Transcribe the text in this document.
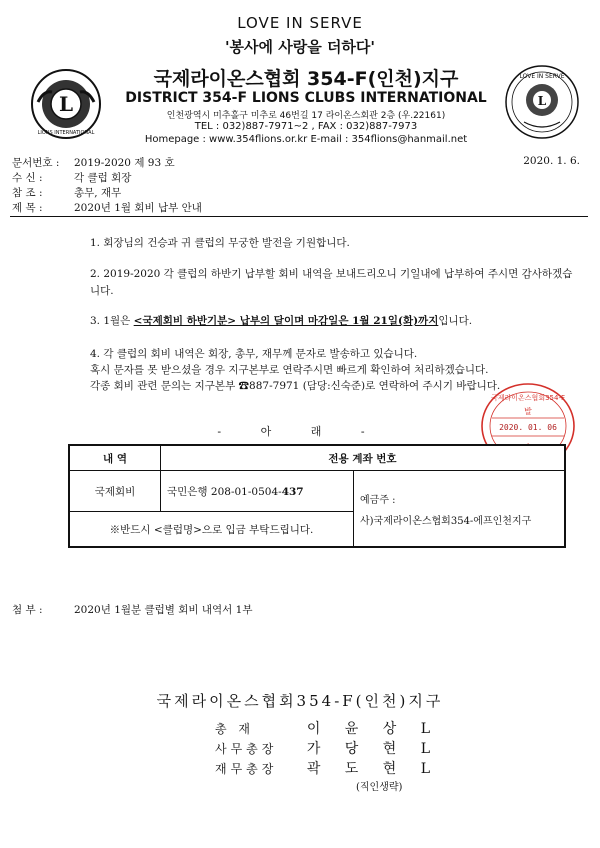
LOVE IN SERVE
'봉사에 사랑을 더하다'
L
LIONS INTERNATIONAL
L
LOVE IN SERVE
국제라이온스협회 354-F(인천)지구
DISTRICT 354-F LIONS CLUBS INTERNATIONAL
인천광역시 미추홀구 미추로 46번길 17 라이온스회관 2층 (우.22161)
TEL : 032)887-7971~2 , FAX : 032)887-7973
Homepage : www.354flions.or.kr E-mail : 354flions@hanmail.net
문서번호 : 2019-2020 제 93 호	2020. 1. 6.
수 신 :	각 클럽 회장
참 조 :	총무, 재무
제 목 :	2020년 1월 회비 납부 안내
1. 회장님의 건승과 귀 클럽의 무궁한 발전을 기원합니다.
2. 2019-2020 각 클럽의 하반기 납부할 회비 내역을 보내드리오니 기일내에 납부하여 주시면 감사하겠습니다.
3. 1월은 <국제회비 하반기분> 납부의 달이며 마감일은 1월 21일(화)까지입니다.
4. 각 클럽의 회비 내역은 회장, 총무, 재무께 문자로 발송하고 있습니다.
혹시 문자를 못 받으셨을 경우 지구본부로 연락주시면 빠르게 확인하여 처리하겠습니다.
각종 회비 관련 문의는 지구본부 ☎887-7971 (담당:신숙준)로 연락하여 주시기 바랍니다.
- 아 래 -
국제라이온스협회354-F
발
2020. 01. 06
내 역	전용 계좌 번호	
국제회비	국민은행 208-01-0504-437	예금주 :
사)국제라이온스협회354-에프인천지구

※반드시 <클럽명>으로 입금 부탁드립니다.		
첨 부 :	2020년 1월분 클럽별 회비 내역서 1부
국제라이온스협회354-F(인천)지구
총 재	이 윤 상 L
사무총장 가 당 현 L
재무총장 곽 도 현 L
(직인생략)
